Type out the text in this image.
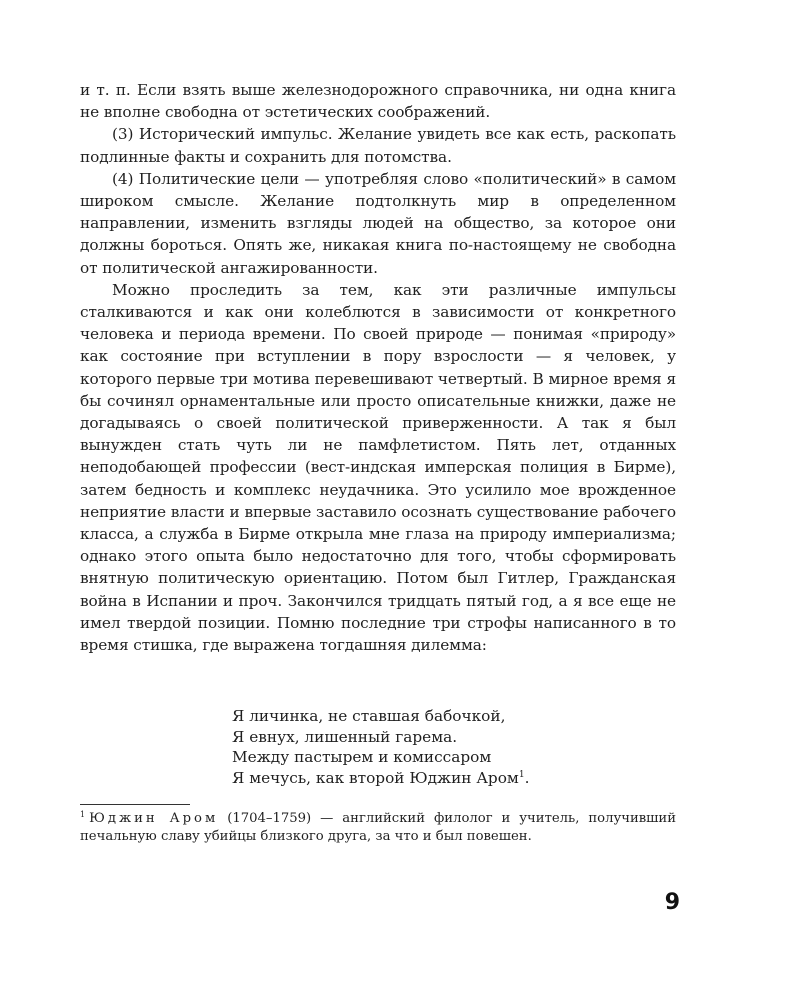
и т. п. Если взять выше железнодорожного справочника, ни одна книга не вполне свободна от эстетических соображений.

(3) Исторический импульс. Желание увидеть все как есть, раскопать подлинные факты и сохранить для потомства.

(4) Политические цели — употребляя слово «политический» в самом широком смысле. Желание подтолкнуть мир в определенном направлении, изменить взгляды людей на общество, за которое они должны бороться. Опять же, никакая книга по-настоящему не свободна от политической ангажированности.

Можно проследить за тем, как эти различные импульсы сталкиваются и как они колеблются в зависимости от конкретного человека и периода времени. По своей природе — понимая «природу» как состояние при вступлении в пору взрослости — я человек, у которого первые три мотива перевешивают четвертый. В мирное время я бы сочинял орнаментальные или просто описательные книжки, даже не догадываясь о своей политической приверженности. А так я был вынужден стать чуть ли не памфлетистом. Пять лет, отданных неподобающей профессии (вест-индская имперская полиция в Бирме), затем бедность и комплекс неудачника. Это усилило мое врожденное неприятие власти и впервые заставило осознать существование рабочего класса, а служба в Бирме открыла мне глаза на природу империализма; однако этого опыта было недостаточно для того, чтобы сформировать внятную политическую ориентацию. Потом был Гитлер, Гражданская война в Испании и проч. Закончился тридцать пятый год, а я все еще не имел твердой позиции. Помню последние три строфы написанного в то время стишка, где выражена тогдашняя дилемма:

Я личинка, не ставшая бабочкой,
Я евнух, лишенный гарема.
Между пастырем и комиссаром
Я мечусь, как второй Юджин Аром$^1$.
$^1$ Юджин Аром (1704–1759) — английский филолог и учитель, получивший печальную славу убийцы близкого друга, за что и был повешен.
9
